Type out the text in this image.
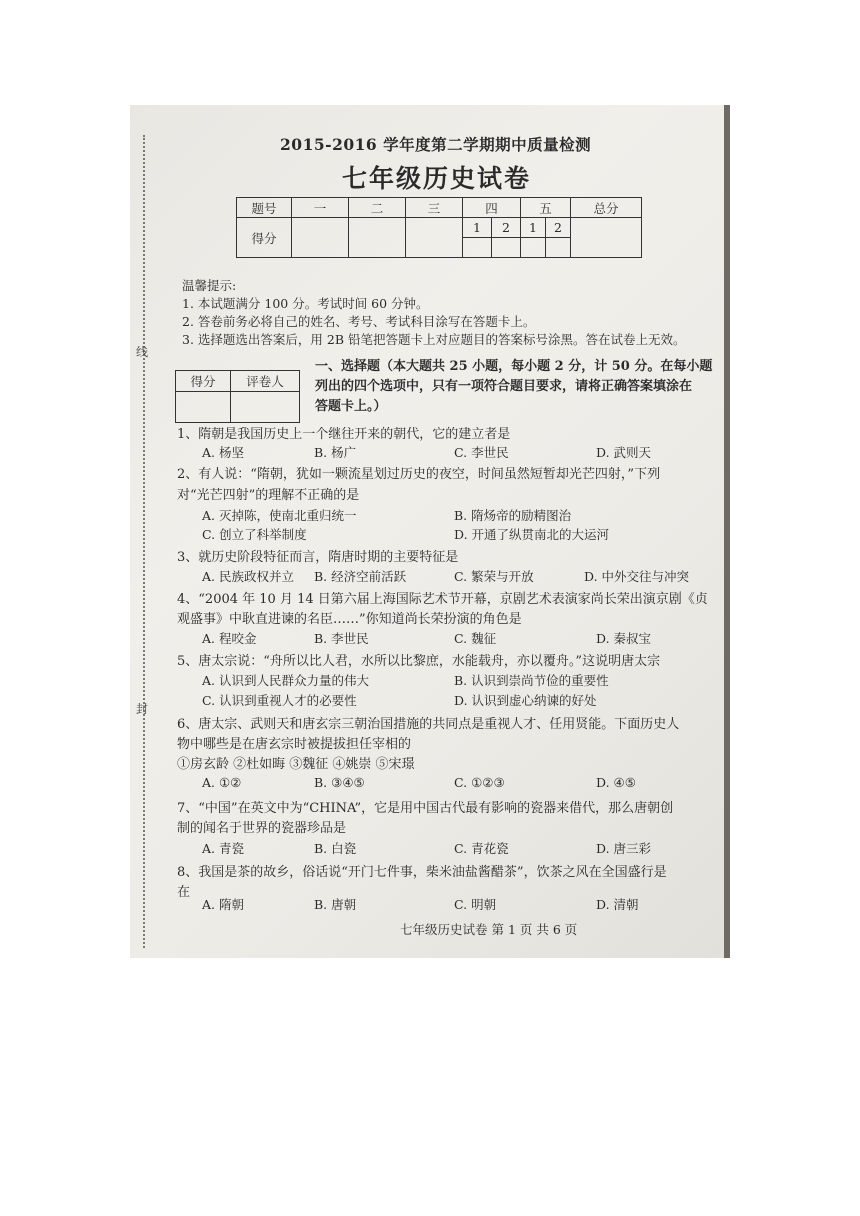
线
封
2015-2016 学年度第二学期期中质量检测
七年级历史试卷
题号	一	二	三	四		五		总分
得分				1	2	1	2	

温馨提示:
1. 本试题满分 100 分。考试时间 60 分钟。
2. 答卷前务必将自己的姓名、考号、考试科目涂写在答题卡上。
3. 选择题选出答案后，用 2B 铅笔把答题卡上对应题目的答案标号涂黑。答在试卷上无效。
得分	评卷人

一、选择题（本大题共 25 小题，每小题 2 分，计 50 分。在每小题
列出的四个选项中，只有一项符合题目要求，请将正确答案填涂在
答题卡上。）
1、隋朝是我国历史上一个继往开来的朝代，它的建立者是
A. 杨坚	B. 杨广	C. 李世民	D. 武则天
2、有人说：“隋朝，犹如一颗流星划过历史的夜空，时间虽然短暂却光芒四射，”下列
对“光芒四射”的理解不正确的是
A. 灭掉陈，使南北重归统一	B. 隋炀帝的励精图治
C. 创立了科举制度	D. 开通了纵贯南北的大运河
3、就历史阶段特征而言，隋唐时期的主要特征是
A. 民族政权并立 B. 经济空前活跃	C. 繁荣与开放	D. 中外交往与冲突
4、“2004 年 10 月 14 日第六届上海国际艺术节开幕，京剧艺术表演家尚长荣出演京剧《贞
观盛事》中耿直进谏的名臣……”你知道尚长荣扮演的角色是
A. 程咬金	B. 李世民	C. 魏征	D. 秦叔宝
5、唐太宗说：“舟所以比人君，水所以比黎庶，水能载舟，亦以覆舟。”这说明唐太宗
A. 认识到人民群众力量的伟大	B. 认识到崇尚节俭的重要性
C. 认识到重视人才的必要性	D. 认识到虚心纳谏的好处
6、唐太宗、武则天和唐玄宗三朝治国措施的共同点是重视人才、任用贤能。下面历史人
物中哪些是在唐玄宗时被提拔担任宰相的
①房玄龄 ②杜如晦 ③魏征 ④姚崇 ⑤宋璟
A. ①②	B. ③④⑤	C. ①②③	D. ④⑤
7、“中国”在英文中为“CHINA”，它是用中国古代最有影响的瓷器来借代，那么唐朝创
制的闻名于世界的瓷器珍品是
A. 青瓷	B. 白瓷	C. 青花瓷	D. 唐三彩
8、我国是茶的故乡，俗话说“开门七件事，柴米油盐酱醋茶”，饮茶之风在全国盛行是
在
A. 隋朝	B. 唐朝	C. 明朝	D. 清朝
七年级历史试卷 第 1 页 共 6 页
